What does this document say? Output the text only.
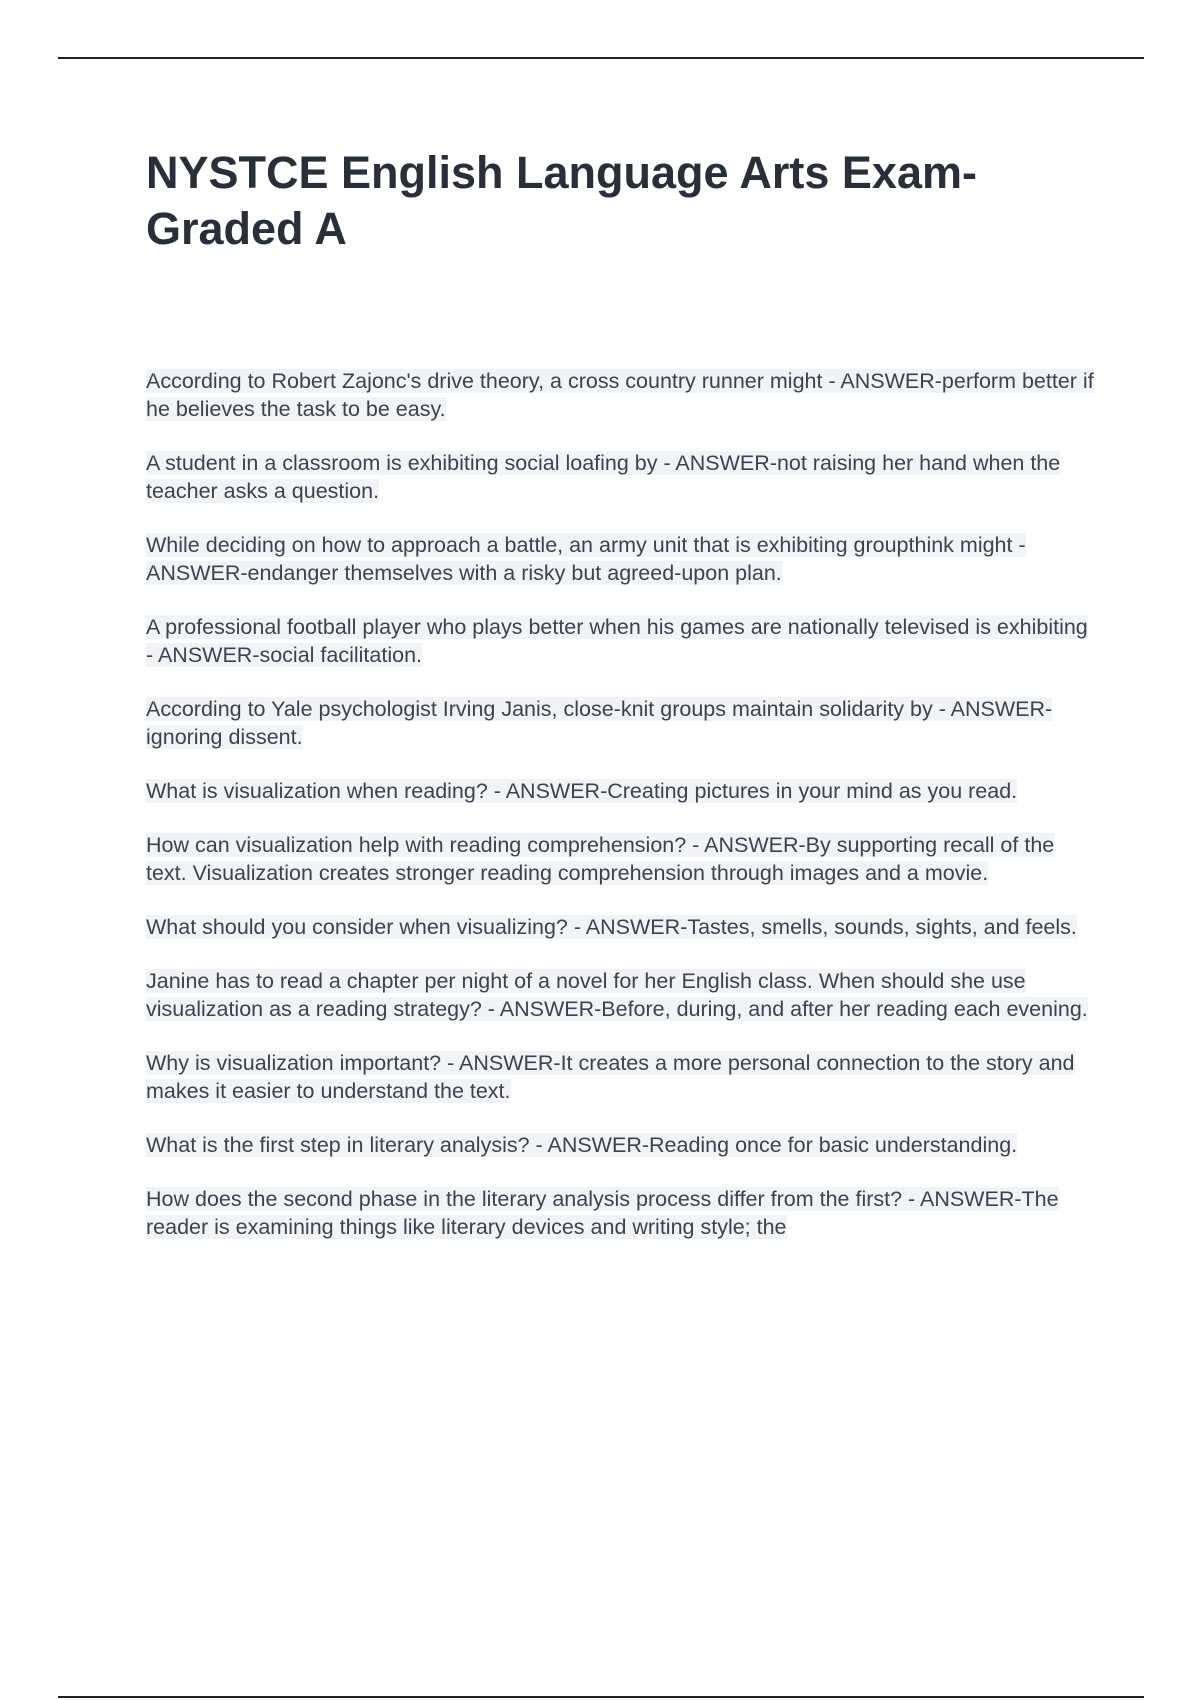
NYSTCE English Language Arts Exam- Graded A

According to Robert Zajonc's drive theory, a cross country runner might - ANSWER-perform better if he believes the task to be easy.

A student in a classroom is exhibiting social loafing by - ANSWER-not raising her hand when the teacher asks a question.

While deciding on how to approach a battle, an army unit that is exhibiting groupthink might - ANSWER-endanger themselves with a risky but agreed-upon plan.

A professional football player who plays better when his games are nationally televised is exhibiting - ANSWER-social facilitation.

According to Yale psychologist Irving Janis, close-knit groups maintain solidarity by - ANSWER-ignoring dissent.

What is visualization when reading? - ANSWER-Creating pictures in your mind as you read.

How can visualization help with reading comprehension? - ANSWER-By supporting recall of the text. Visualization creates stronger reading comprehension through images and a movie.

What should you consider when visualizing? - ANSWER-Tastes, smells, sounds, sights, and feels.

Janine has to read a chapter per night of a novel for her English class. When should she use visualization as a reading strategy? - ANSWER-Before, during, and after her reading each evening.

Why is visualization important? - ANSWER-It creates a more personal connection to the story and makes it easier to understand the text.

What is the first step in literary analysis? - ANSWER-Reading once for basic understanding.

How does the second phase in the literary analysis process differ from the first? - ANSWER-The reader is examining things like literary devices and writing style; the
